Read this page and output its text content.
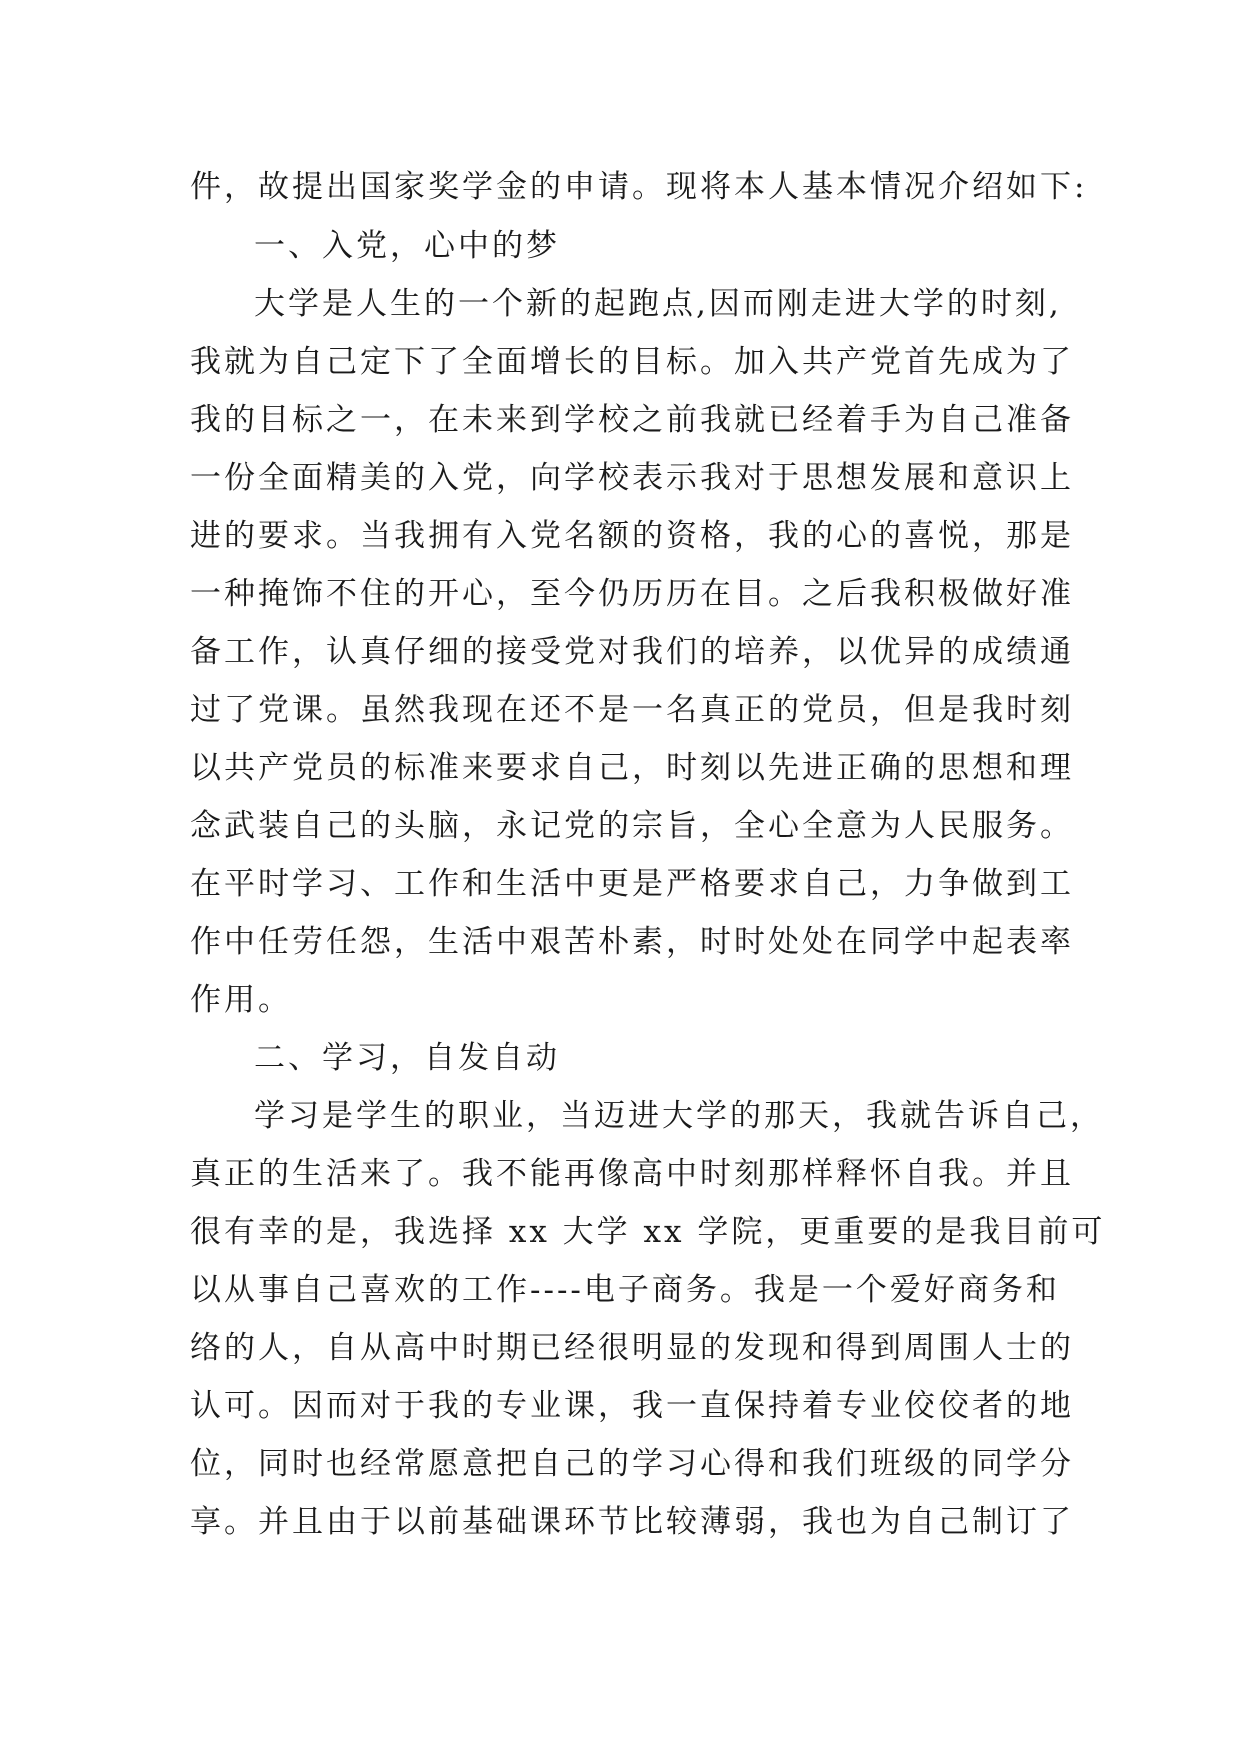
件，故提出国家奖学金的申请。现将本人基本情况介绍如下:
一、入党，心中的梦
大学是人生的一个新的起跑点,因而刚走进大学的时刻,
我就为自己定下了全面增长的目标。加入共产党首先成为了
我的目标之一，在未来到学校之前我就已经着手为自己准备
一份全面精美的入党，向学校表示我对于思想发展和意识上
进的要求。当我拥有入党名额的资格，我的心的喜悦，那是
一种掩饰不住的开心，至今仍历历在目。之后我积极做好准
备工作，认真仔细的接受党对我们的培养，以优异的成绩通
过了党课。虽然我现在还不是一名真正的党员，但是我时刻
以共产党员的标准来要求自己，时刻以先进正确的思想和理
念武装自己的头脑，永记党的宗旨，全心全意为人民服务。
在平时学习、工作和生活中更是严格要求自己，力争做到工
作中任劳任怨，生活中艰苦朴素，时时处处在同学中起表率
作用。
二、学习，自发自动
学习是学生的职业，当迈进大学的那天，我就告诉自己，
真正的生活来了。我不能再像高中时刻那样释怀自我。并且
很有幸的是，我选择 xx 大学 xx 学院，更重要的是我目前可
以从事自己喜欢的工作----电子商务。我是一个爱好商务和
络的人，自从高中时期已经很明显的发现和得到周围人士的
认可。因而对于我的专业课，我一直保持着专业佼佼者的地
位，同时也经常愿意把自己的学习心得和我们班级的同学分
享。并且由于以前基础课环节比较薄弱，我也为自己制订了
